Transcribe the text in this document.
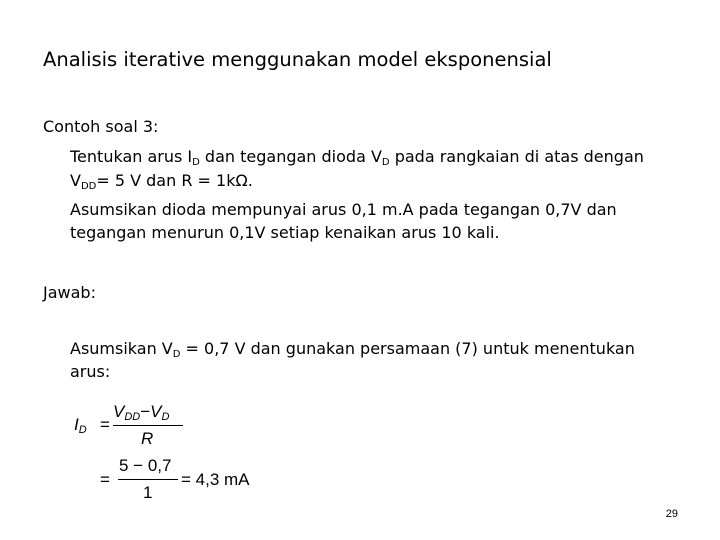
Analisis iterative menggunakan model eksponensial
Contoh soal 3:
Tentukan arus $I_D$ dan tegangan dioda $V_D$ pada rangkaian di atas dengan
$V_{DD}= 5$ V dan R = 1kΩ.
Asumsikan dioda mempunyai arus 0,1 m.A pada tegangan 0,7V dan
tegangan menurun 0,1V setiap kenaikan arus 10 kali.
Jawab:
Asumsikan $V_D = 0,7$ V dan gunakan persamaan (7) untuk menentukan
arus:
$I_D$ =
$V_{DD}-V_D$
R
=
5 − 0,7
1
= 4,3 mA
29
